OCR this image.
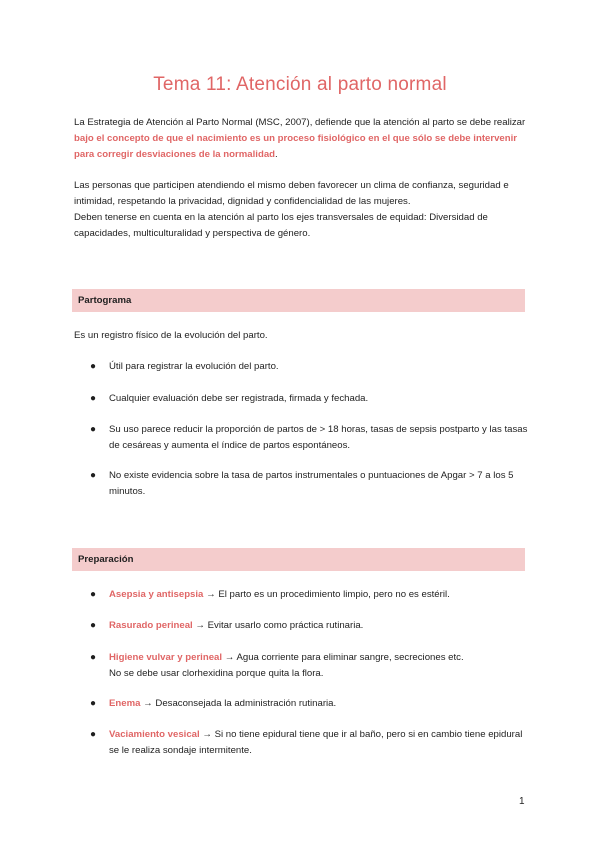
Tema 11: Atención al parto normal
La Estrategia de Atención al Parto Normal (MSC, 2007), defiende que la atención al parto se debe realizar bajo el concepto de que el nacimiento es un proceso fisiológico en el que sólo se debe intervenir para corregir desviaciones de la normalidad.
Las personas que participen atendiendo el mismo deben favorecer un clima de confianza, seguridad e intimidad, respetando la privacidad, dignidad y confidencialidad de las mujeres.
Deben tenerse en cuenta en la atención al parto los ejes transversales de equidad: Diversidad de capacidades, multiculturalidad y perspectiva de género.
Partograma
Es un registro físico de la evolución del parto.
● Útil para registrar la evolución del parto.
● Cualquier evaluación debe ser registrada, firmada y fechada.
● Su uso parece reducir la proporción de partos de > 18 horas, tasas de sepsis postparto y las tasas de cesáreas y aumenta el índice de partos espontáneos.
● No existe evidencia sobre la tasa de partos instrumentales o puntuaciones de Apgar > 7 a los 5 minutos.
Preparación
● Asepsia y antisepsia → El parto es un procedimiento limpio, pero no es estéril.
● Rasurado perineal → Evitar usarlo como práctica rutinaria.
● Higiene vulvar y perineal → Agua corriente para eliminar sangre, secreciones etc.
No se debe usar clorhexidina porque quita la flora.
● Enema → Desaconsejada la administración rutinaria.
● Vaciamiento vesical → Si no tiene epidural tiene que ir al baño, pero si en cambio tiene epidural se le realiza sondaje intermitente.
1
